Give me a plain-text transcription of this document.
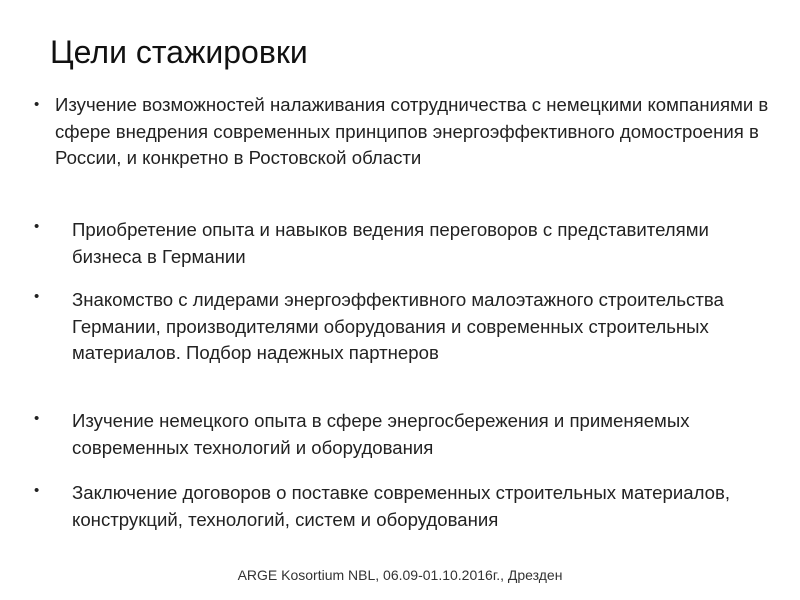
Цели стажировки
• Изучение возможностей налаживания сотрудничества с немецкими компаниями в сфере внедрения современных принципов энергоэффективного домостроения в России, и конкретно в Ростовской области
• Приобретение опыта и навыков ведения переговоров с представителями бизнеса в Германии
• Знакомство с лидерами энергоэффективного малоэтажного строительства Германии, производителями оборудования и современных строительных материалов. Подбор надежных партнеров
• Изучение немецкого опыта в сфере энергосбережения и применяемых современных технологий и оборудования
• Заключение договоров о поставке современных строительных материалов, конструкций, технологий, систем и оборудования
ARGE Kosortium NBL, 06.09-01.10.2016г., Дрезден
